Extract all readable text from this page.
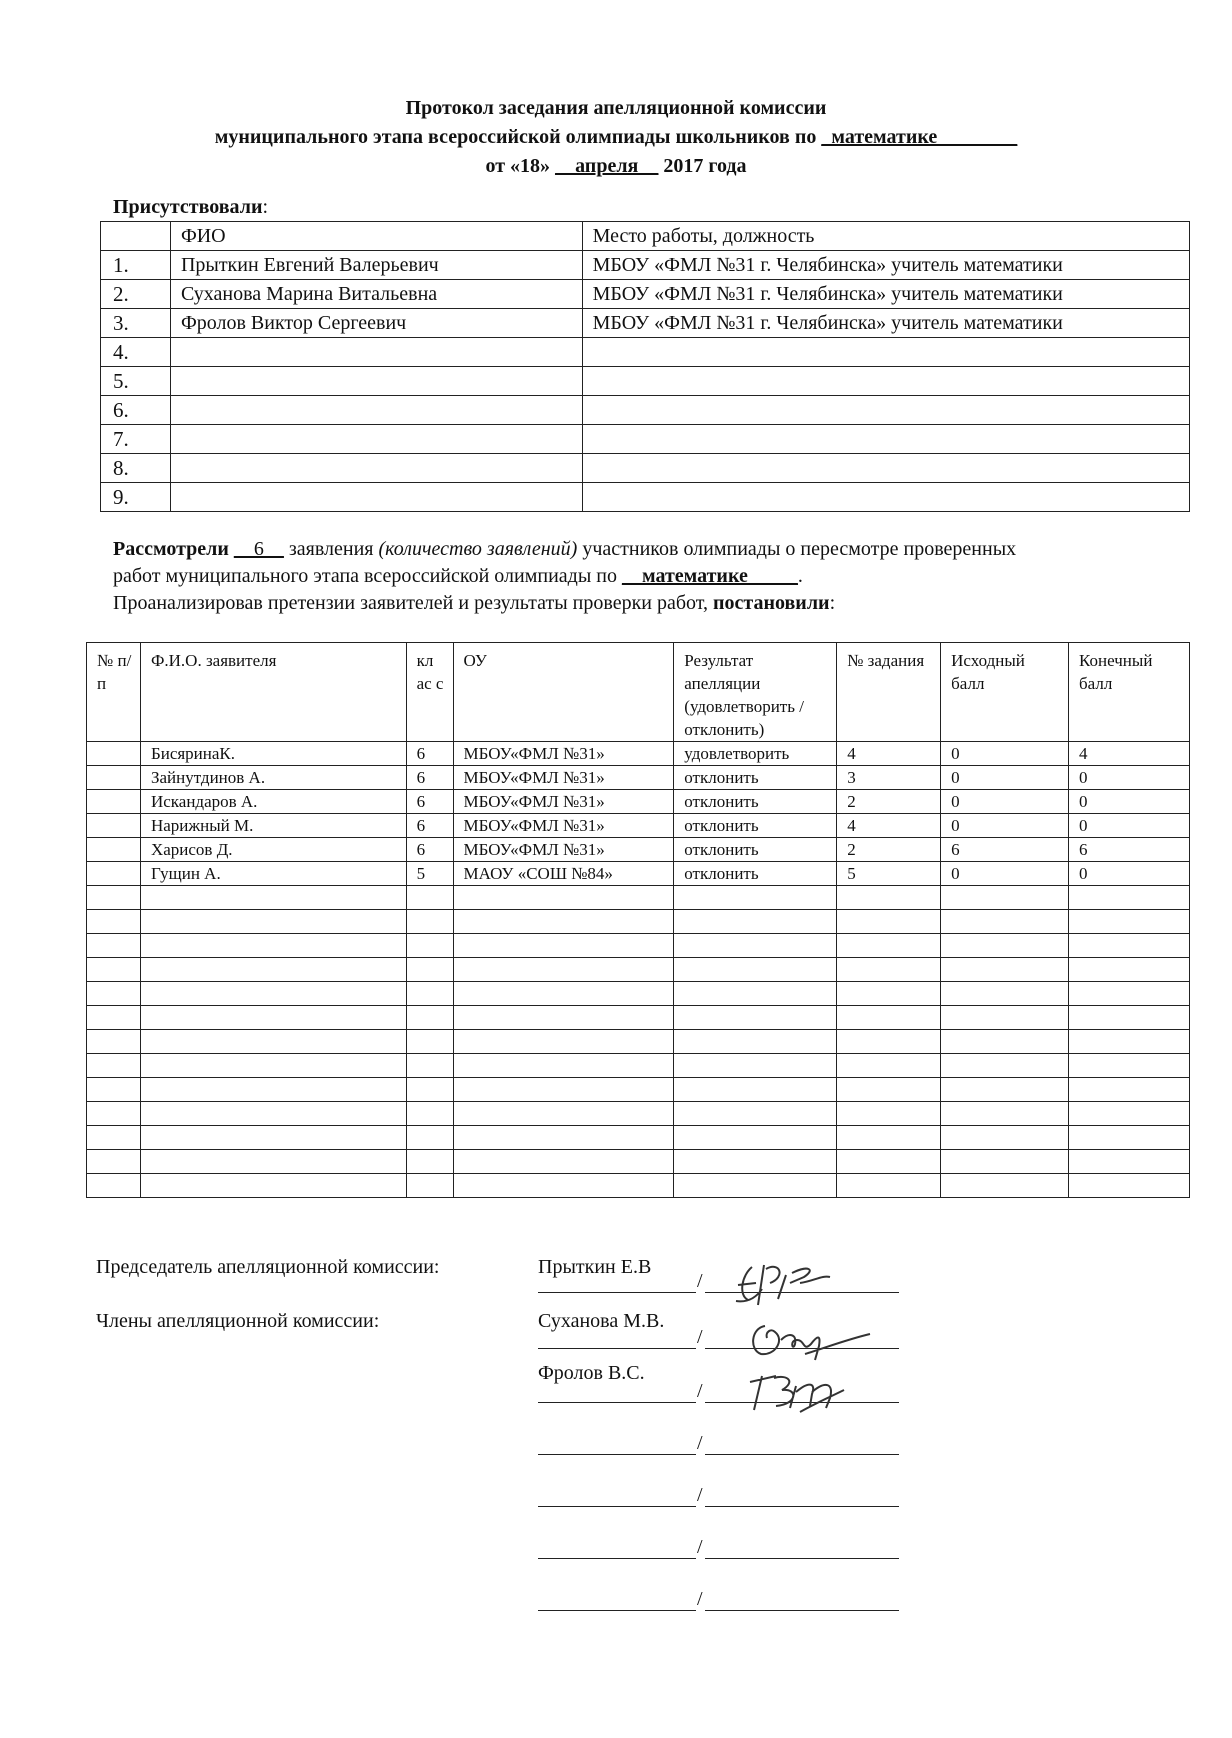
Протокол заседания апелляционной комиссии
муниципального этапа всероссийской олимпиады школьников по _математике________
от «18» __апреля__ 2017 года
Присутствовали:
	ФИО	Место работы, должность
1.	Прыткин Евгений Валерьевич	МБОУ «ФМЛ №31 г. Челябинска» учитель математики
2.	Суханова Марина Витальевна	МБОУ «ФМЛ №31 г. Челябинска» учитель математики
3.	Фролов Виктор Сергеевич	МБОУ «ФМЛ №31 г. Челябинска» учитель математики
4.		
5.		
6.		
7.		
8.		
9.		
Рассмотрели __6__ заявления (количество заявлений) участников олимпиады о пересмотре проверенных
работ муниципального этапа всероссийской олимпиады по __математике_____.
Проанализировав претензии заявителей и результаты проверки работ, постановили:
№ п/п	Ф.И.О. заявителя	кл ас с	ОУ	Результат апелляции (удовлетворить /отклонить)	№ задания	Исходный балл	Конечный балл
	БисяринаК.	6	МБОУ«ФМЛ №31»	удовлетворить	4	0	4
	Зайнутдинов А.	6	МБОУ«ФМЛ №31»	отклонить	3	0	0
	Искандаров А.	6	МБОУ«ФМЛ №31»	отклонить	2	0	0
	Нарижный М.	6	МБОУ«ФМЛ №31»	отклонить	4	0	0
	Харисов Д.	6	МБОУ«ФМЛ №31»	отклонить	2	6	6
	Гущин А.	5	МАОУ «СОШ №84»	отклонить	5	0	0

Председатель апелляционной комиссии:
Члены апелляционной комиссии:
Прыткин Е.В
Суханова М.В.
Фролов В.С.
/
/
/
/
/
/
/
